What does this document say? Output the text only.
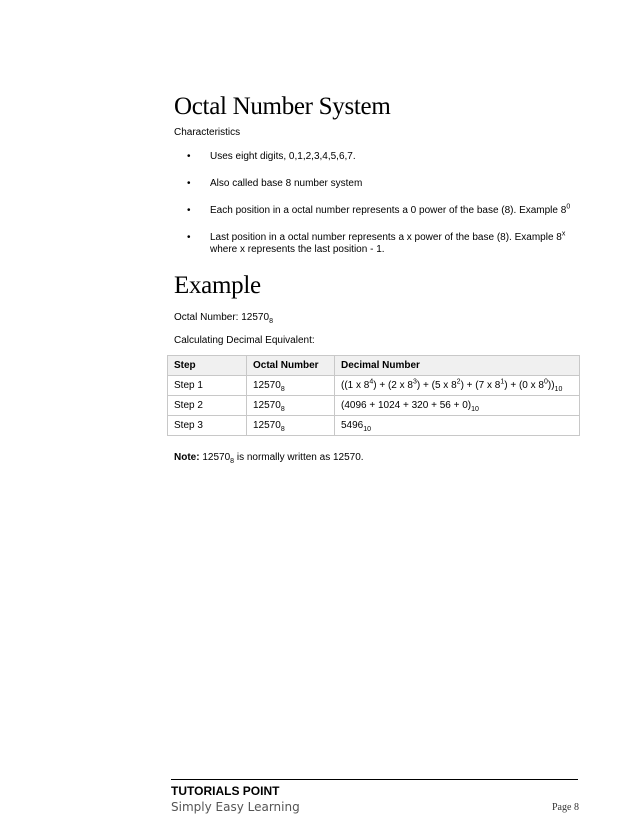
Octal Number System

Characteristics

• Uses eight digits, 0,1,2,3,4,5,6,7.
• Also called base 8 number system
• Each position in a octal number represents a 0 power of the base (8). Example $8^0$
• Last position in a octal number represents a x power of the base (8). Example 8$^x$ where x represents the last position - 1.
Example

Octal Number: $12570_8$

Calculating Decimal Equivalent:

Step	Octal Number	Decimal Number
Step 1	$12570_8$	((1 x $8^4) + (2$ x $8^3) + (5$ x $8^2) + (7$ x $8^1) + (0$ x $8^0))_{10}$
Step 2	$12570_8$	$(4096 + 1024 + 320 + 56 + 0)_{10}$
Step 3	$12570_8$	$5496_{10}$

Note: $12570_8$ is normally written as 12570.

TUTORIALS POINT
Simply Easy Learning	Page 8
